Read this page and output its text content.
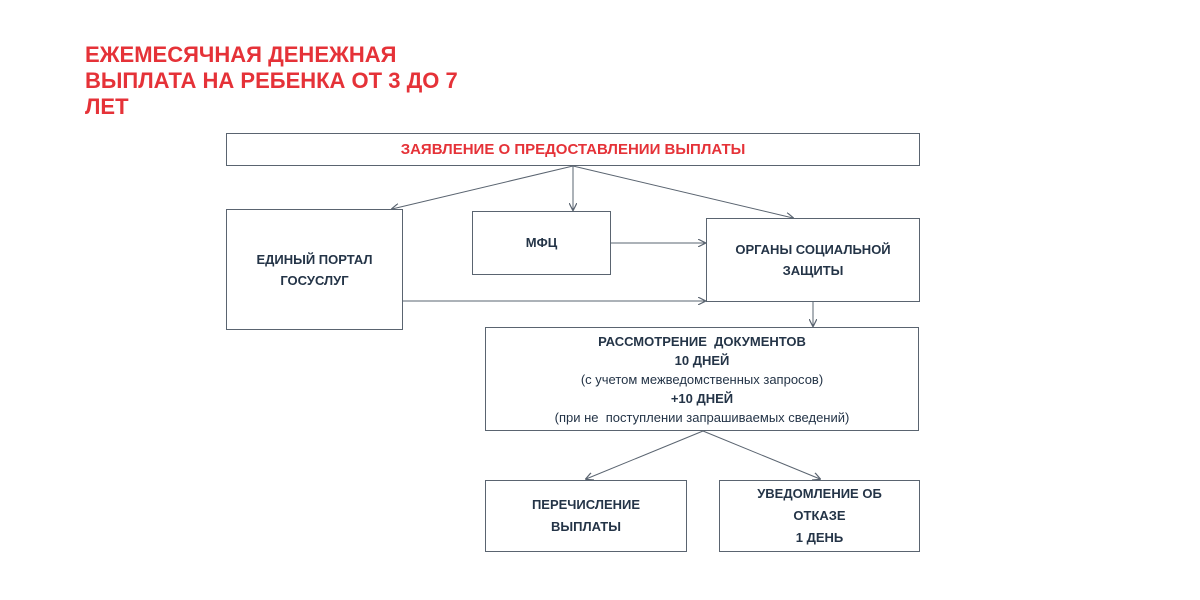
ЕЖЕМЕСЯЧНАЯ ДЕНЕЖНАЯ
ВЫПЛАТА НА РЕБЕНКА ОТ 3 ДО 7
ЛЕТ
ЗАЯВЛЕНИЕ О ПРЕДОСТАВЛЕНИИ ВЫПЛАТЫ
ЕДИНЫЙ ПОРТАЛ
ГОСУСЛУГ
МФЦ	ОРГАНЫ СОЦИАЛЬНОЙ
ЗАЩИТЫ
РАССМОТРЕНИЕ  ДОКУМЕНТОВ
10 ДНЕЙ
(с учетом межведомственных запросов)
+10 ДНЕЙ
(при не  поступлении запрашиваемых сведений)
ПЕРЕЧИСЛЕНИЕ
ВЫПЛАТЫ
УВЕДОМЛЕНИЕ ОБ
ОТКАЗЕ
1 ДЕНЬ
